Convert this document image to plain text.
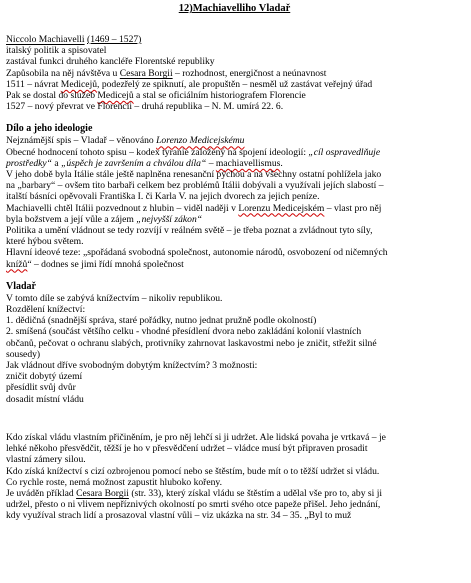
12)Machiavelliho Vladař
Niccolo Machiavelli (1469 – 1527)
italský politik a spisovatel
zastával funkci druhého kancléře Florentské republiky
Zapůsobila na něj návštěva u Cesara Borgii – rozhodnost, energičnost a neúnavnost
1511 – návrat Medicejů, podezřelý ze spiknutí, ale propuštěn – nesměl už zastávat veřejný úřad
Pak se dostal do služeb Medicejů a stal se oficiálním historiografem Florencie
1527 – nový převrat ve Florencii – druhá republika – N. M. umírá 22. 6.
Dílo a jeho ideologie
Nejznámější spis – Vladař – věnováno Lorenzo Medicejskému
Obecné hodnocení tohoto spisu – kodex tyranie založený na spojení ideologií: „cíl ospravedlňuje
prostředky“ a „úspěch je završením a chválou díla“ – machiavellismus.
V jeho době byla Itálie stále ještě naplněna renesanční pýchou a na všechny ostatní pohlížela jako
na „barbary“ – ovšem tito barbaři celkem bez problémů Itálii dobývali a využívali jejích slabostí –
italští básníci opěvovali Františka I. či Karla V. na jejich dvorech za jejich peníze.
Machiavelli chtěl Itálii pozvednout z hlubin – viděl naději v Lorenzu Medicejském – vlast pro něj
byla božstvem a její vůle a zájem „nejvyšší zákon“
Politika a umění vládnout se tedy rozvíjí v reálném světě – je třeba poznat a zvládnout tyto síly,
které hýbou světem.
Hlavní ideové teze: „spořádaná svobodná společnost, autonomie národů, osvobození od ničemných
knížů“ – dodnes se jimi řídí mnohá společnost
Vladař
V tomto díle se zabývá knížectvím – nikoliv republikou.
Rozdělení knížectví:
1. dědičná (snadnější správa, staré pořádky, nutno jednat pružně podle okolností)
2. smíšená (součást většího celku - vhodné přesídlení dvora nebo zakládání kolonií vlastních
občanů, pečovat o ochranu slabých, protivníky zahrnovat laskavostmi nebo je zničit, střežit silné
sousedy)
Jak vládnout dříve svobodným dobytým knížectvím? 3 možnosti:
zničit dobytý území
přesídlit svůj dvůr
dosadit místní vládu
Kdo získal vládu vlastním přičiněním, je pro něj lehčí si ji udržet. Ale lidská povaha je vrtkavá – je
lehké někoho přesvědčit, těžší je ho v přesvědčení udržet – vládce musí být připraven prosadit
vlastní zámery silou.
Kdo získá knížectví s cizí ozbrojenou pomocí nebo se štěstím, bude mít o to těžší udržet si vládu.
Co rychle roste, nemá možnost zapustit hluboko kořeny.
Je uváděn příklad Cesara Borgii (str. 33), který získal vládu se štěstím a udělal vše pro to, aby si ji
udržel, přesto o ni vlivem nepříznivých okolností po smrti svého otce papeže přišel. Jeho jednání,
kdy využíval strach lidí a prosazoval vlastní vůli – viz ukázka na str. 34 – 35. „Byl to muž
